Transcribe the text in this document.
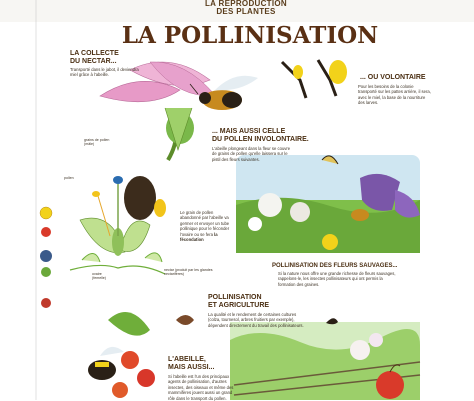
LA REPRODUCTION
DES PLANTES
LA POLLINISATION
LA COLLECTE
DU NECTAR...
Transporté dans le jabot, il deviendra miel grâce à l'abeille.	... OU VOLONTAIRE
Pour les besoins de la colonie transporté sur les pattes arrière, il sera, avec le miel, la base de la nourriture des larves.
... MAIS AUSSI CELLE
DU POLLEN INVOLONTAIRE.
L'abeille plongeant dans la fleur se couvre de grains de pollen qu'elle laissera sur le pistil des fleurs suivantes.
grains de pollen
(mâle)
pollen
ovaire
(femelle)
nectar (produit par les glandes nectarifères)
Le grain de pollen abandonné par l'abeille va germer et envoyer un tube pollinique pour le féconder l'ovaire ou se fera la fécondation
POLLINISATION DES FLEURS SAUVAGES...
Si la nature nous offre une grande richesse de fleurs sauvages, rappelons-le, les insectes pollinisateurs qui ont permis la formation des graines.
POLLINISATION
ET AGRICULTURE
La qualité et le rendement de certaines cultures (colza, tournesol, arbres fruitiers par exemple), dépendent directement du travail des pollinisateurs.
L'ABEILLE,
MAIS AUSSI...
Si l'abeille est l'un des principaux agents de pollinisation, d'autres insectes, des oiseaux et même des mammifères jouent aussi un grand rôle dans le transport du pollen.
